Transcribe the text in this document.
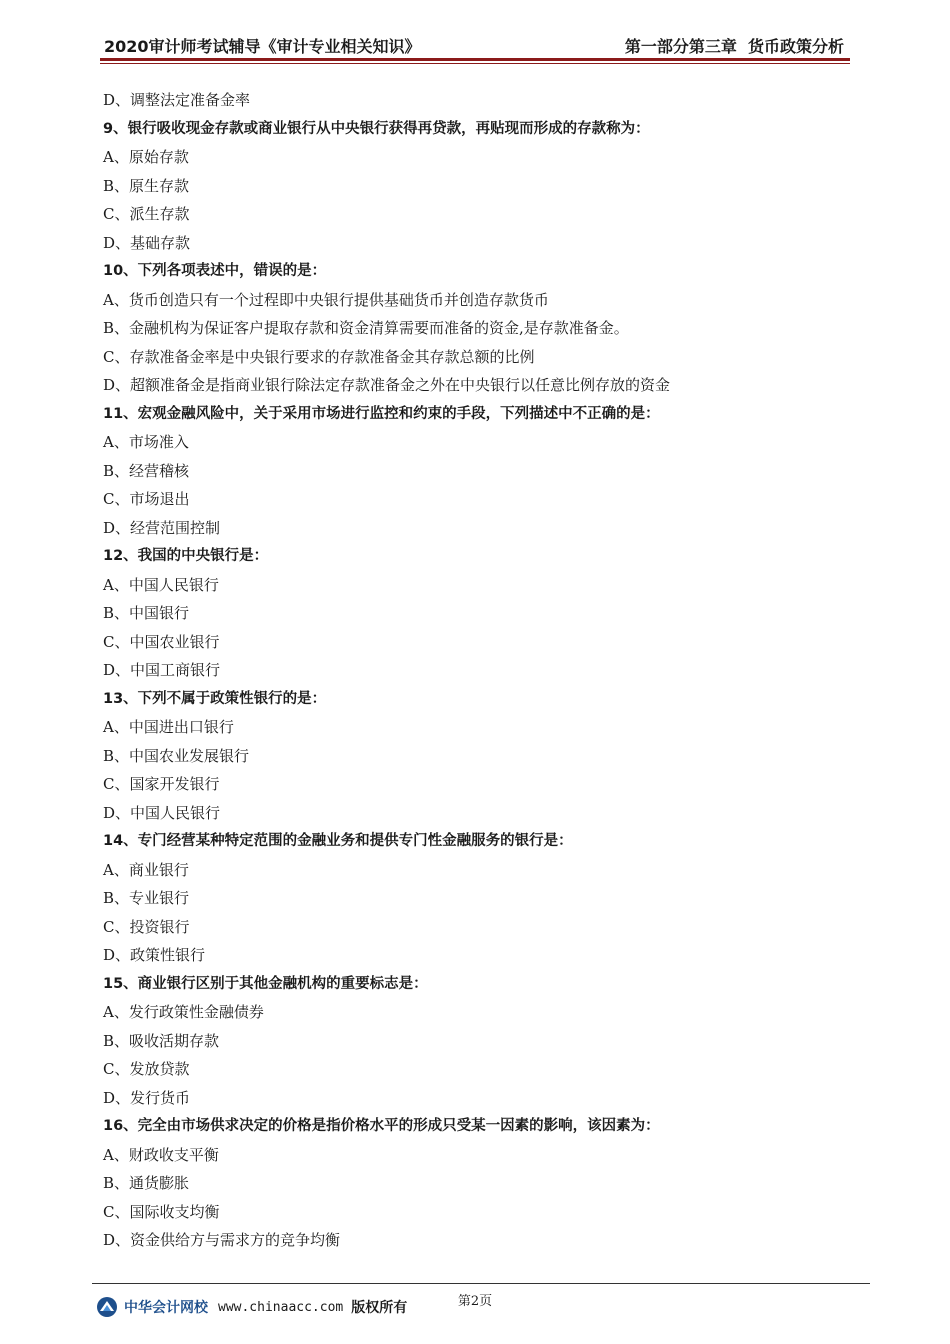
2020审计师考试辅导《审计专业相关知识》	第一部分第三章  货币政策分析
D、调整法定准备金率
9、银行吸收现金存款或商业银行从中央银行获得再贷款，再贴现而形成的存款称为：
A、原始存款
B、原生存款
C、派生存款
D、基础存款
10、下列各项表述中，错误的是：
A、货币创造只有一个过程即中央银行提供基础货币并创造存款货币
B、金融机构为保证客户提取存款和资金清算需要而准备的资金,是存款准备金。
C、存款准备金率是中央银行要求的存款准备金其存款总额的比例
D、超额准备金是指商业银行除法定存款准备金之外在中央银行以任意比例存放的资金
11、宏观金融风险中，关于采用市场进行监控和约束的手段，下列描述中不正确的是：
A、市场准入
B、经营稽核
C、市场退出
D、经营范围控制
12、我国的中央银行是：
A、中国人民银行
B、中国银行
C、中国农业银行
D、中国工商银行
13、下列不属于政策性银行的是：
A、中国进出口银行
B、中国农业发展银行
C、国家开发银行
D、中国人民银行
14、专门经营某种特定范围的金融业务和提供专门性金融服务的银行是：
A、商业银行
B、专业银行
C、投资银行
D、政策性银行
15、商业银行区别于其他金融机构的重要标志是：
A、发行政策性金融债券
B、吸收活期存款
C、发放贷款
D、发行货币
16、完全由市场供求决定的价格是指价格水平的形成只受某一因素的影响，该因素为：
A、财政收支平衡
B、通货膨胀
C、国际收支均衡
D、资金供给方与需求方的竞争均衡
第2页
中华会计网校 www.chinaacc.com 版权所有
